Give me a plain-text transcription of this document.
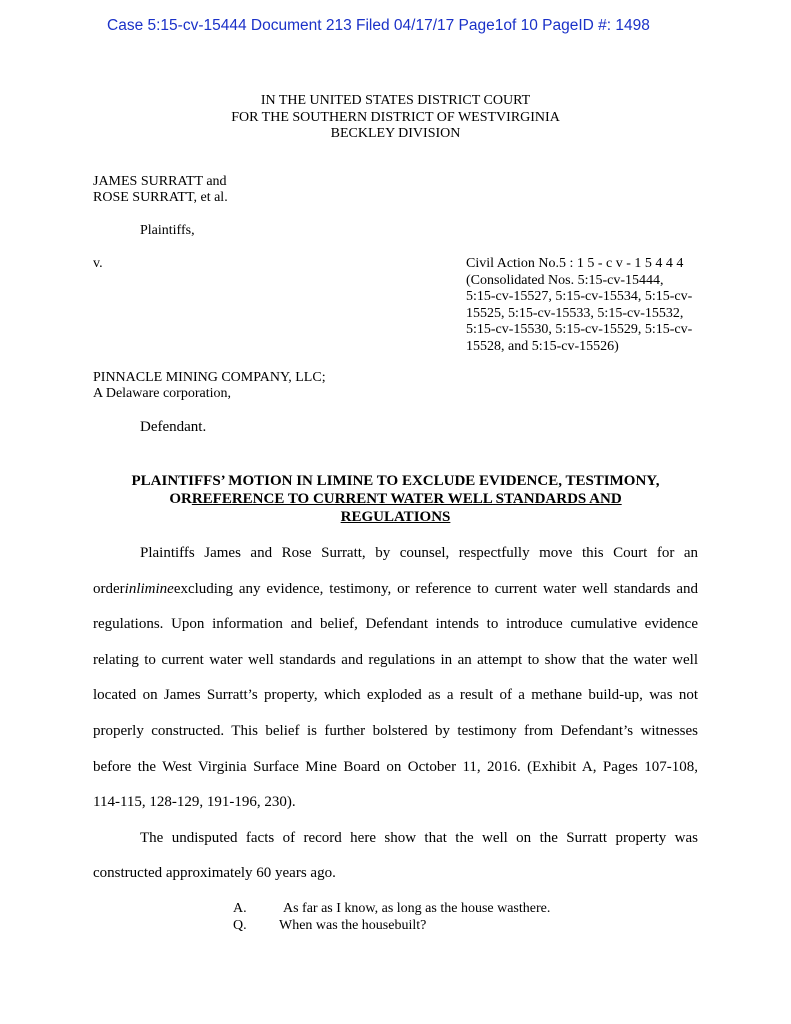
Case 5:15-cv-15444 Document 213 Filed 04/17/17 Page1of 10 PageID #: 1498
IN THE UNITED STATES DISTRICT COURT
FOR THE SOUTHERN DISTRICT OF WESTVIRGINIA
BECKLEY DIVISION
JAMES SURRATT and
ROSE SURRATT, et al.
Plaintiffs,
v.	Civil Action No.5 : 1 5 - c v - 1 5 4 4 4
(Consolidated Nos. 5:15-cv-15444,
5:15-cv-15527, 5:15-cv-15534, 5:15-cv-
15525, 5:15-cv-15533, 5:15-cv-15532,
5:15-cv-15530, 5:15-cv-15529, 5:15-cv-
15528, and 5:15-cv-15526)
PINNACLE MINING COMPANY, LLC;
A Delaware corporation,
Defendant.
PLAINTIFFS’ MOTION IN LIMINE TO EXCLUDE EVIDENCE, TESTIMONY,
ORREFERENCE TO CURRENT WATER WELL STANDARDS AND
REGULATIONS
Plaintiffs James and Rose Surratt, by counsel, respectfully move this Court for an
orderinlimineexcluding any evidence, testimony, or reference to current water well standards and
regulations. Upon information and belief, Defendant intends to introduce cumulative evidence
relating to current water well standards and regulations in an attempt to show that the water well
located on James Surratt’s property, which exploded as a result of a methane build-up, was not
properly constructed. This belief is further bolstered by testimony from Defendant’s witnesses
before the West Virginia Surface Mine Board on October 11, 2016. (Exhibit A, Pages 107-108,
114-115, 128-129, 191-196, 230).
The undisputed facts of record here show that the well on the Surratt property was
constructed approximately 60 years ago.
A.	As far as I know, as long as the house wasthere.
Q. When was the housebuilt?
